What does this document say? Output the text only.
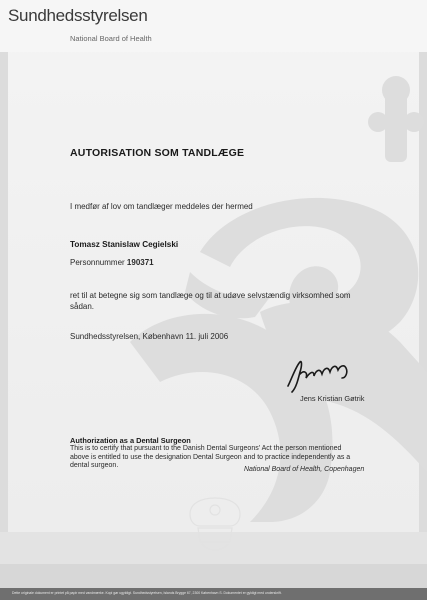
Sundhedsstyrelsen
National Board of Health
AUTORISATION SOM TANDLÆGE
I medfør af lov om tandlæger meddeles der hermed
Tomasz Stanislaw Cegielski
Personnummer 190371
ret til at betegne sig som tandlæge og til at udøve selvstændig virksomhed som sådan.
Sundhedsstyrelsen, København 11. juli 2006
Jens Kristian Gøtrik
Authorization as a Dental Surgeon
This is to certify that pursuant to the Danish Dental Surgeons' Act the person mentioned above is entitled to use the designation Dental Surgeon and to practice independently as a dental surgeon.
National Board of Health, Copenhagen
Dette originale dokument er printet på papir med vandmærke. Kopi gør ugyldigt. Sundhedsstyrelsen, Islands Brygge 67, 2300 København S. Dokumentet er gyldigt med underskrift.
